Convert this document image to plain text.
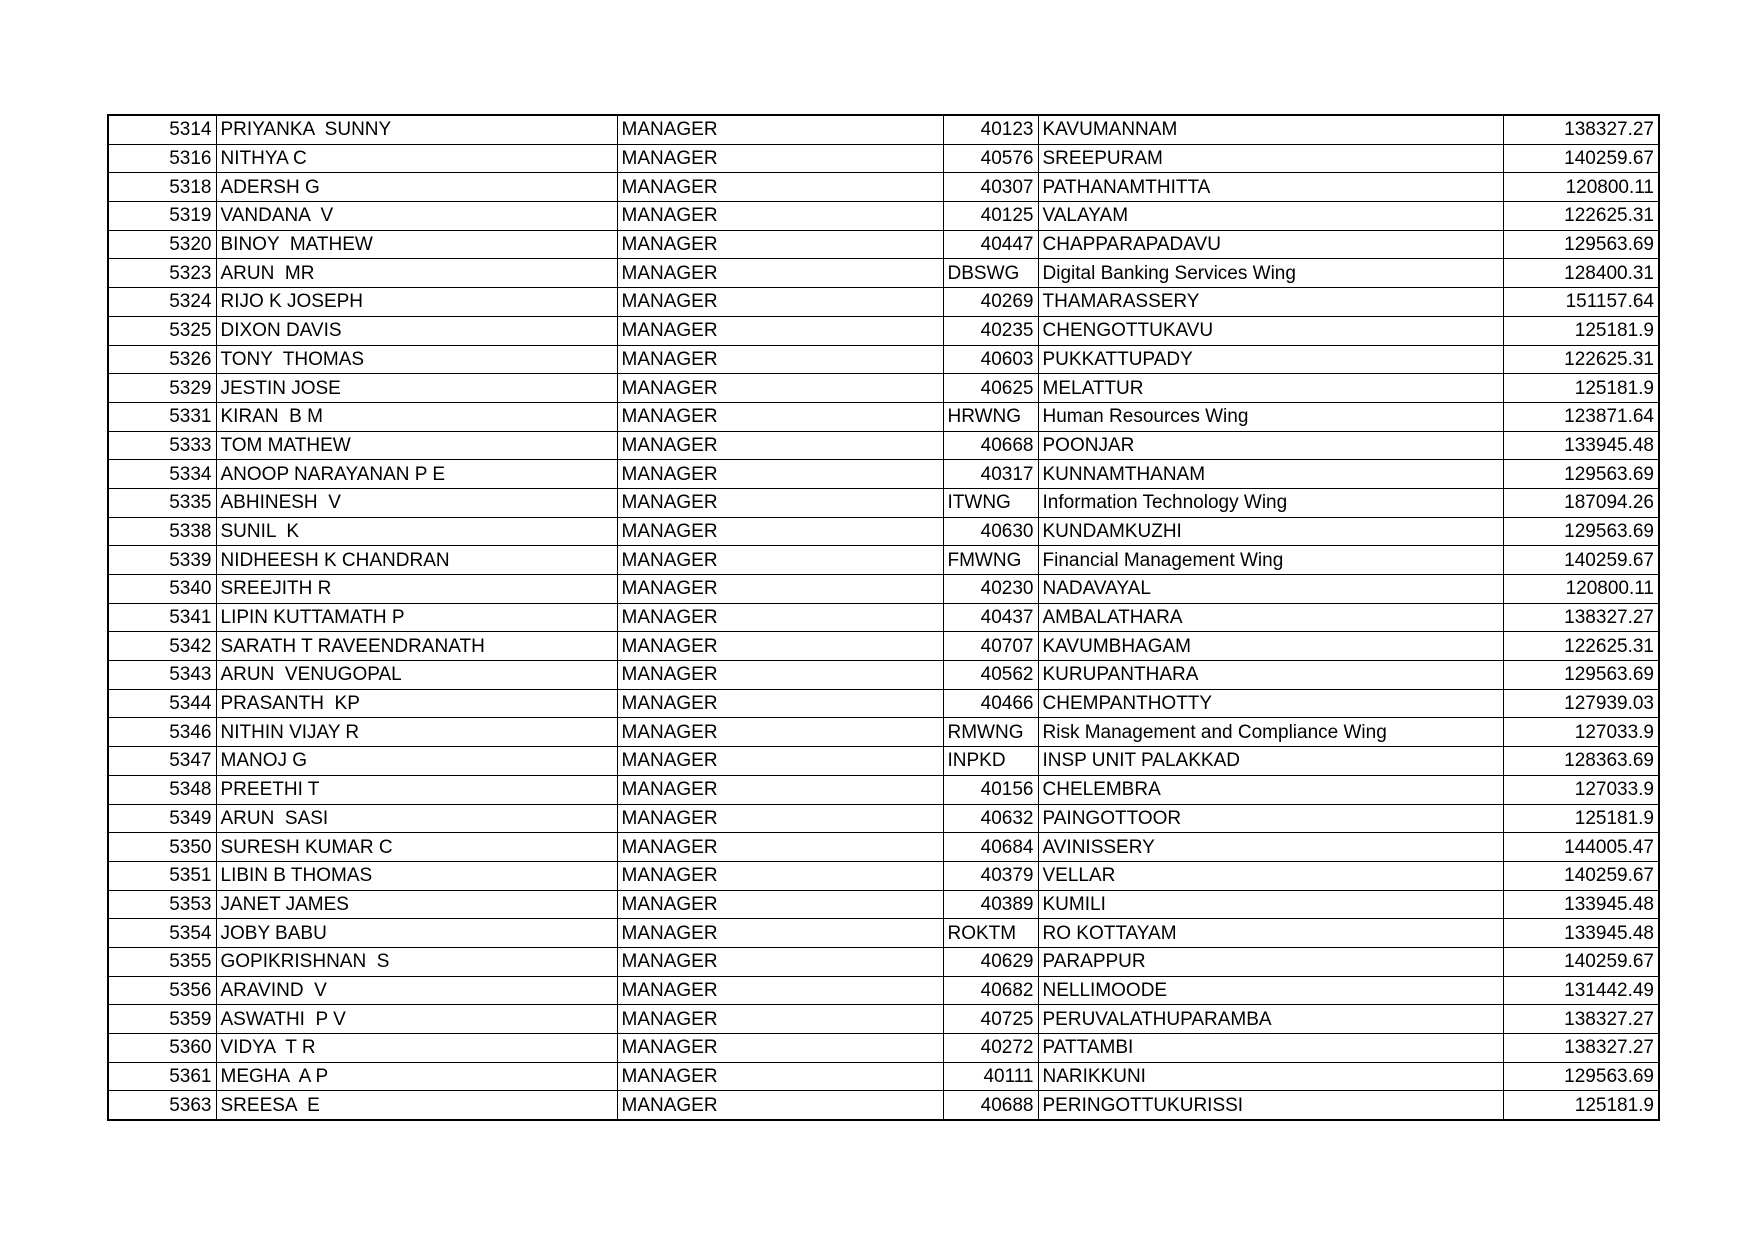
5314	PRIYANKA  SUNNY	MANAGER	40123	KAVUMANNAM	138327.27
5316	NITHYA C	MANAGER	40576	SREEPURAM	140259.67
5318	ADERSH G	MANAGER	40307	PATHANAMTHITTA	120800.11
5319	VANDANA  V	MANAGER	40125	VALAYAM	122625.31
5320	BINOY  MATHEW	MANAGER	40447	CHAPPARAPADAVU	129563.69
5323	ARUN  MR	MANAGER	DBSWG	Digital Banking Services Wing	128400.31
5324	RIJO K JOSEPH	MANAGER	40269	THAMARASSERY	151157.64
5325	DIXON DAVIS	MANAGER	40235	CHENGOTTUKAVU	125181.9
5326	TONY  THOMAS	MANAGER	40603	PUKKATTUPADY	122625.31
5329	JESTIN JOSE	MANAGER	40625	MELATTUR	125181.9
5331	KIRAN  B M	MANAGER	HRWNG	Human Resources Wing	123871.64
5333	TOM MATHEW	MANAGER	40668	POONJAR	133945.48
5334	ANOOP NARAYANAN P E	MANAGER	40317	KUNNAMTHANAM	129563.69
5335	ABHINESH  V	MANAGER	ITWNG	Information Technology Wing	187094.26
5338	SUNIL  K	MANAGER	40630	KUNDAMKUZHI	129563.69
5339	NIDHEESH K CHANDRAN	MANAGER	FMWNG	Financial Management Wing	140259.67
5340	SREEJITH R	MANAGER	40230	NADAVAYAL	120800.11
5341	LIPIN KUTTAMATH P	MANAGER	40437	AMBALATHARA	138327.27
5342	SARATH T RAVEENDRANATH	MANAGER	40707	KAVUMBHAGAM	122625.31
5343	ARUN  VENUGOPAL	MANAGER	40562	KURUPANTHARA	129563.69
5344	PRASANTH  KP	MANAGER	40466	CHEMPANTHOTTY	127939.03
5346	NITHIN VIJAY R	MANAGER	RMWNG	Risk Management and Compliance Wing	127033.9
5347	MANOJ G	MANAGER	INPKD	INSP UNIT PALAKKAD	128363.69
5348	PREETHI T	MANAGER	40156	CHELEMBRA	127033.9
5349	ARUN  SASI	MANAGER	40632	PAINGOTTOOR	125181.9
5350	SURESH KUMAR C	MANAGER	40684	AVINISSERY	144005.47
5351	LIBIN B THOMAS	MANAGER	40379	VELLAR	140259.67
5353	JANET JAMES	MANAGER	40389	KUMILI	133945.48
5354	JOBY BABU	MANAGER	ROKTM	RO KOTTAYAM	133945.48
5355	GOPIKRISHNAN  S	MANAGER	40629	PARAPPUR	140259.67
5356	ARAVIND  V	MANAGER	40682	NELLIMOODE	131442.49
5359	ASWATHI  P V	MANAGER	40725	PERUVALATHUPARAMBA	138327.27
5360	VIDYA  T R	MANAGER	40272	PATTAMBI	138327.27
5361	MEGHA  A P	MANAGER	40111	NARIKKUNI	129563.69
5363	SREESA  E	MANAGER	40688	PERINGOTTUKURISSI	125181.9
